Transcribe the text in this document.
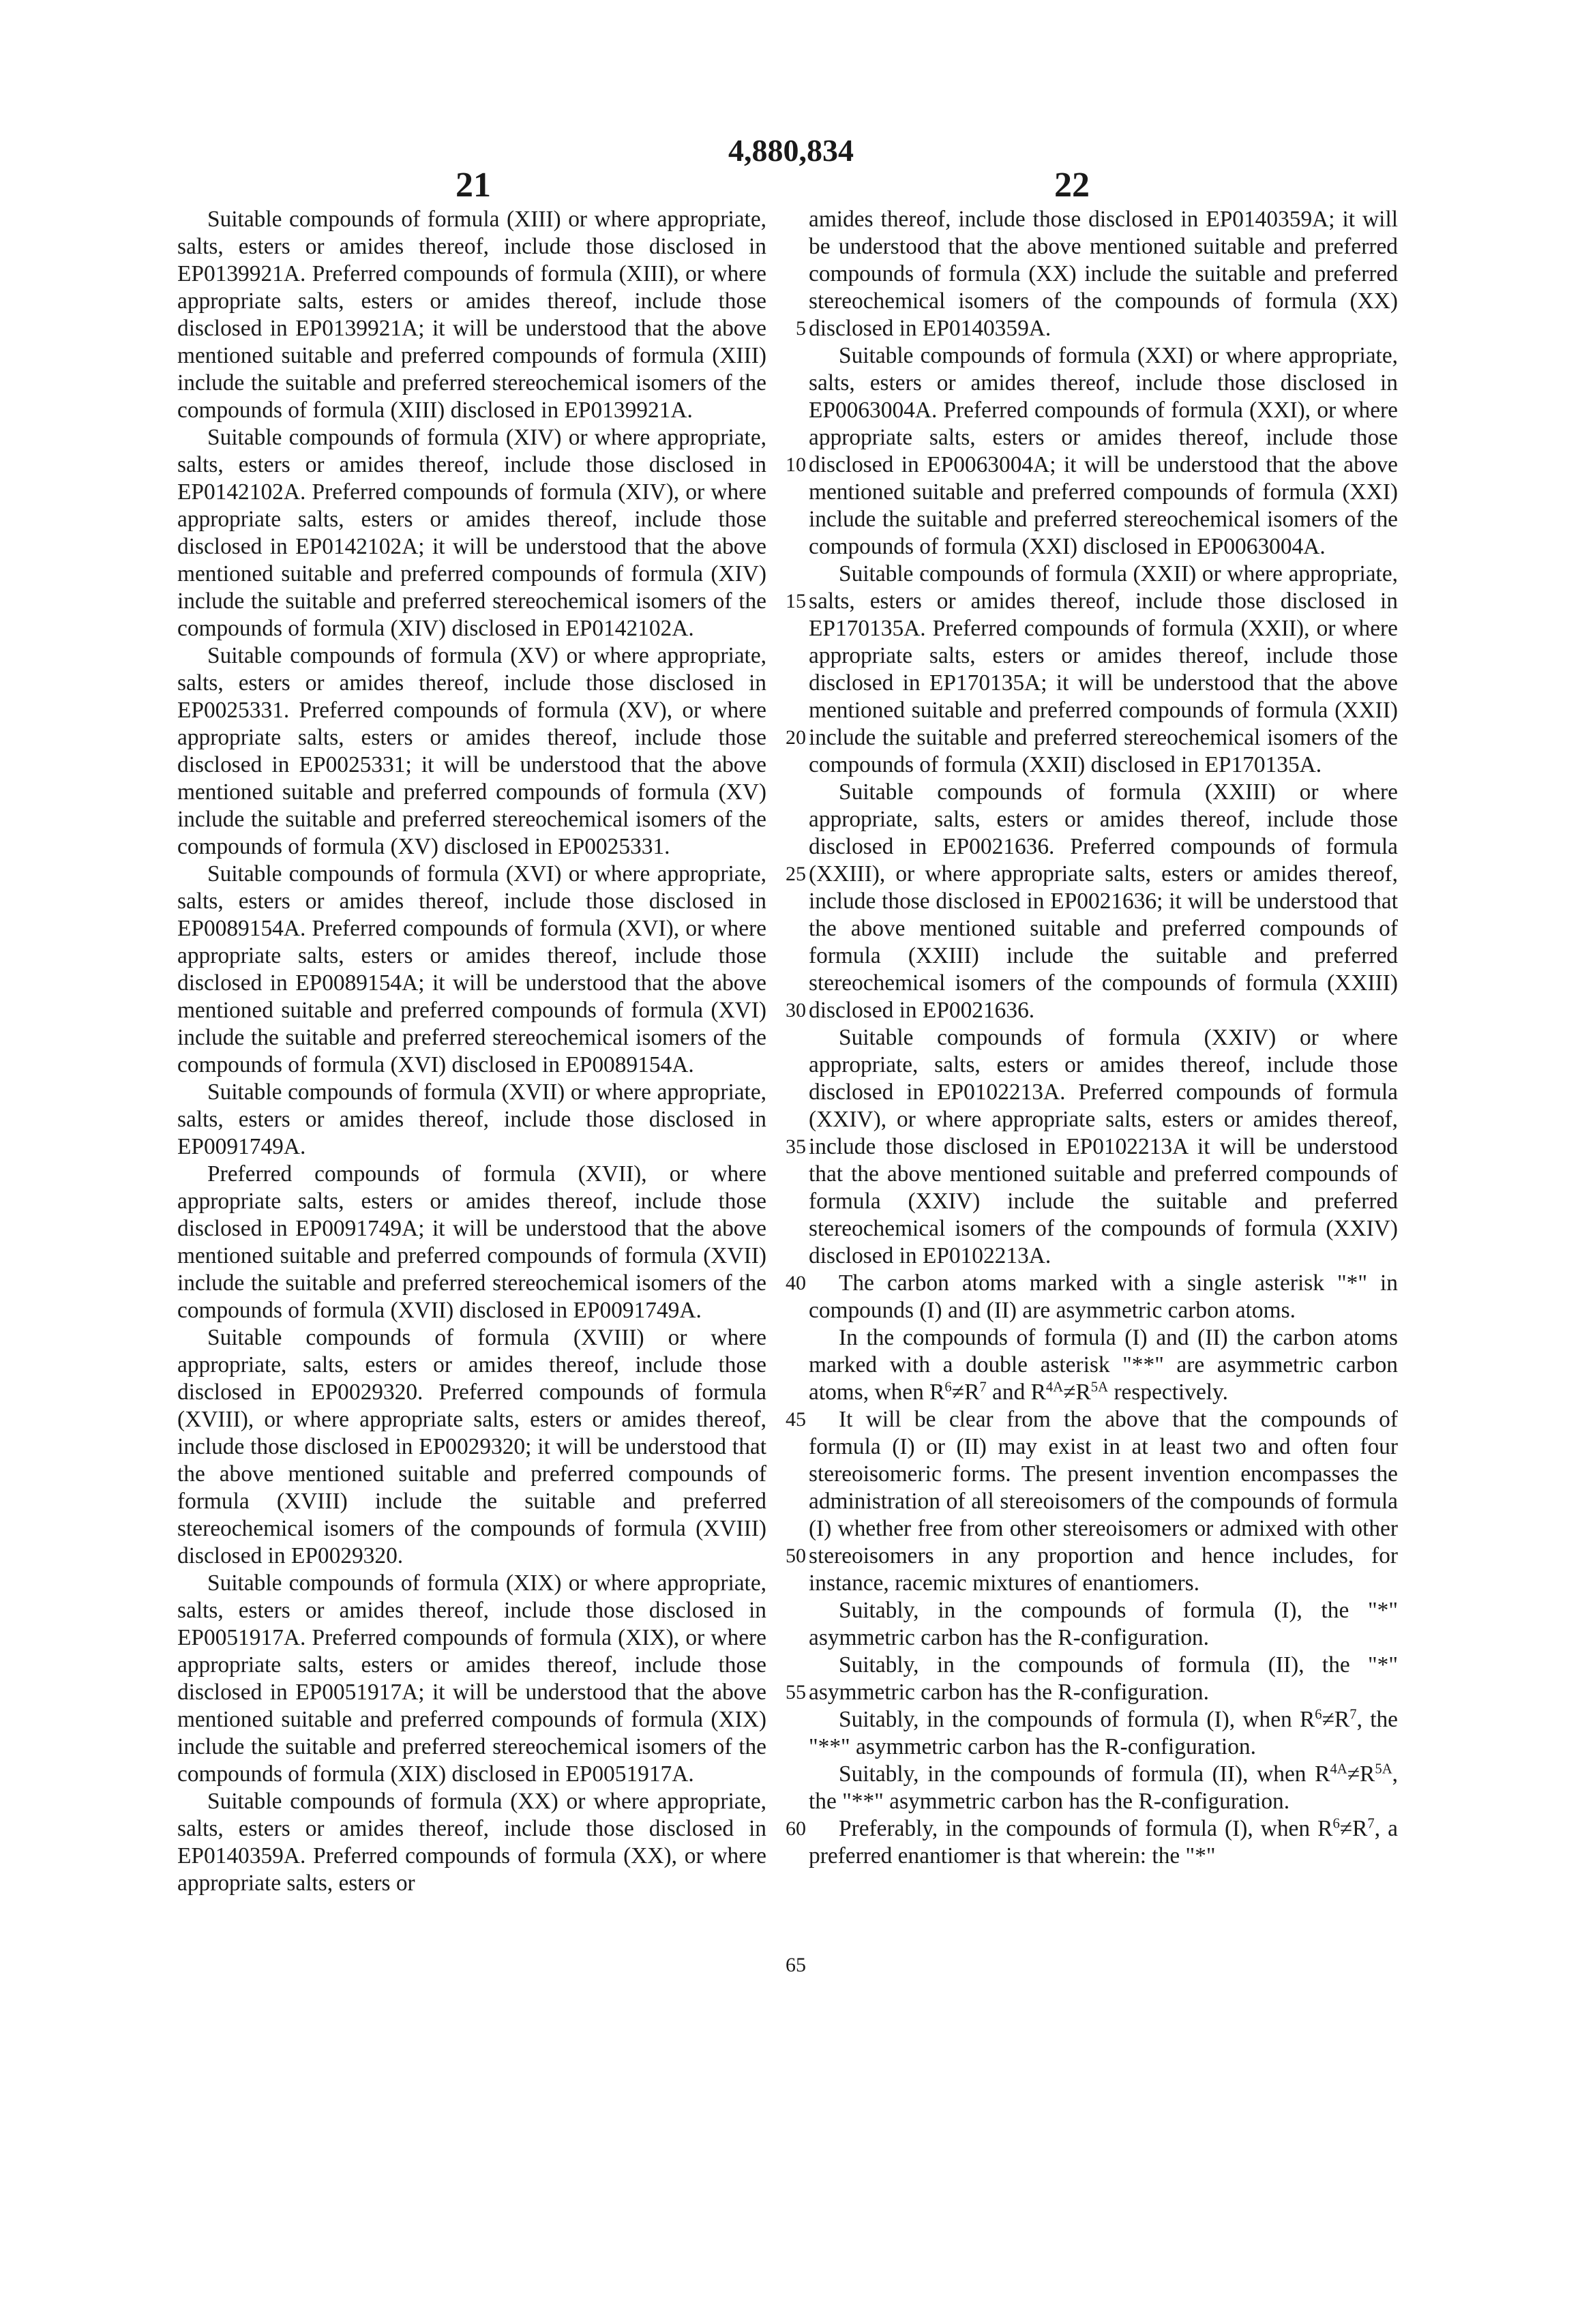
4,880,834
21	22

Suitable compounds of formula (XIII) or where appropriate, salts, esters or amides thereof, include those disclosed in EP0139921A. Preferred compounds of formula (XIII), or where appropriate salts, esters or amides thereof, include those disclosed in EP0139921A; it will be understood that the above mentioned suitable and preferred compounds of formula (XIII) include the suitable and preferred stereochemical isomers of the compounds of formula (XIII) disclosed in EP0139921A.

Suitable compounds of formula (XIV) or where appropriate, salts, esters or amides thereof, include those disclosed in EP0142102A. Preferred compounds of formula (XIV), or where appropriate salts, esters or amides thereof, include those disclosed in EP0142102A; it will be understood that the above mentioned suitable and preferred compounds of formula (XIV) include the suitable and preferred stereochemical isomers of the compounds of formula (XIV) disclosed in EP0142102A.

Suitable compounds of formula (XV) or where appropriate, salts, esters or amides thereof, include those disclosed in EP0025331. Preferred compounds of formula (XV), or where appropriate salts, esters or amides thereof, include those disclosed in EP0025331; it will be understood that the above mentioned suitable and preferred compounds of formula (XV) include the suitable and preferred stereochemical isomers of the compounds of formula (XV) disclosed in EP0025331.

Suitable compounds of formula (XVI) or where appropriate, salts, esters or amides thereof, include those disclosed in EP0089154A. Preferred compounds of formula (XVI), or where appropriate salts, esters or amides thereof, include those disclosed in EP0089154A; it will be understood that the above mentioned suitable and preferred compounds of formula (XVI) include the suitable and preferred stereochemical isomers of the compounds of formula (XVI) disclosed in EP0089154A.

Suitable compounds of formula (XVII) or where appropriate, salts, esters or amides thereof, include those disclosed in EP0091749A.

Preferred compounds of formula (XVII), or where appropriate salts, esters or amides thereof, include those disclosed in EP0091749A; it will be understood that the above mentioned suitable and preferred compounds of formula (XVII) include the suitable and preferred stereochemical isomers of the compounds of formula (XVII) disclosed in EP0091749A.

Suitable compounds of formula (XVIII) or where appropriate, salts, esters or amides thereof, include those disclosed in EP0029320. Preferred compounds of formula (XVIII), or where appropriate salts, esters or amides thereof, include those disclosed in EP0029320; it will be understood that the above mentioned suitable and preferred compounds of formula (XVIII) include the suitable and preferred stereochemical isomers of the compounds of formula (XVIII) disclosed in EP0029320.

Suitable compounds of formula (XIX) or where appropriate, salts, esters or amides thereof, include those disclosed in EP0051917A. Preferred compounds of formula (XIX), or where appropriate salts, esters or amides thereof, include those disclosed in EP0051917A; it will be understood that the above mentioned suitable and preferred compounds of formula (XIX) include the suitable and preferred stereochemical isomers of the compounds of formula (XIX) disclosed in EP0051917A.

Suitable compounds of formula (XX) or where appropriate, salts, esters or amides thereof, include those disclosed in EP0140359A. Preferred compounds of formula (XX), or where appropriate salts, esters or

5
10
15
20
25
30
35
40
45
50
55
60
65

amides thereof, include those disclosed in EP0140359A; it will be understood that the above mentioned suitable and preferred compounds of formula (XX) include the suitable and preferred stereochemical isomers of the compounds of formula (XX) disclosed in EP0140359A.

Suitable compounds of formula (XXI) or where appropriate, salts, esters or amides thereof, include those disclosed in EP0063004A. Preferred compounds of formula (XXI), or where appropriate salts, esters or amides thereof, include those disclosed in EP0063004A; it will be understood that the above mentioned suitable and preferred compounds of formula (XXI) include the suitable and preferred stereochemical isomers of the compounds of formula (XXI) disclosed in EP0063004A.

Suitable compounds of formula (XXII) or where appropriate, salts, esters or amides thereof, include those disclosed in EP170135A. Preferred compounds of formula (XXII), or where appropriate salts, esters or amides thereof, include those disclosed in EP170135A; it will be understood that the above mentioned suitable and preferred compounds of formula (XXII) include the suitable and preferred stereochemical isomers of the compounds of formula (XXII) disclosed in EP170135A.

Suitable compounds of formula (XXIII) or where appropriate, salts, esters or amides thereof, include those disclosed in EP0021636. Preferred compounds of formula (XXIII), or where appropriate salts, esters or amides thereof, include those disclosed in EP0021636; it will be understood that the above mentioned suitable and preferred compounds of formula (XXIII) include the suitable and preferred stereochemical isomers of the compounds of formula (XXIII) disclosed in EP0021636.

Suitable compounds of formula (XXIV) or where appropriate, salts, esters or amides thereof, include those disclosed in EP0102213A. Preferred compounds of formula (XXIV), or where appropriate salts, esters or amides thereof, include those disclosed in EP0102213A it will be understood that the above mentioned suitable and preferred compounds of formula (XXIV) include the suitable and preferred stereochemical isomers of the compounds of formula (XXIV) disclosed in EP0102213A.

The carbon atoms marked with a single asterisk "*" in compounds (I) and (II) are asymmetric carbon atoms.

In the compounds of formula (I) and (II) the carbon atoms marked with a double asterisk "**" are asymmetric carbon atoms, when $R^6\ne R^7$ and $R^{4A}\ne R^{5A}$ respectively.

It will be clear from the above that the compounds of formula (I) or (II) may exist in at least two and often four stereoisomeric forms. The present invention encompasses the administration of all stereoisomers of the compounds of formula (I) whether free from other stereoisomers or admixed with other stereoisomers in any proportion and hence includes, for instance, racemic mixtures of enantiomers.

Suitably, in the compounds of formula (I), the "*" asymmetric carbon has the R-configuration.

Suitably, in the compounds of formula (II), the "*" asymmetric carbon has the R-configuration.

Suitably, in the compounds of formula (I), when $R^6\ne R^7$, the "**" asymmetric carbon has the R-configuration.

Suitably, in the compounds of formula (II), when $R^{4A}\ne R^{5A}$, the "**" asymmetric carbon has the R-configuration.

Preferably, in the compounds of formula (I), when $R^6\ne R^7$, a preferred enantiomer is that wherein: the "*"
